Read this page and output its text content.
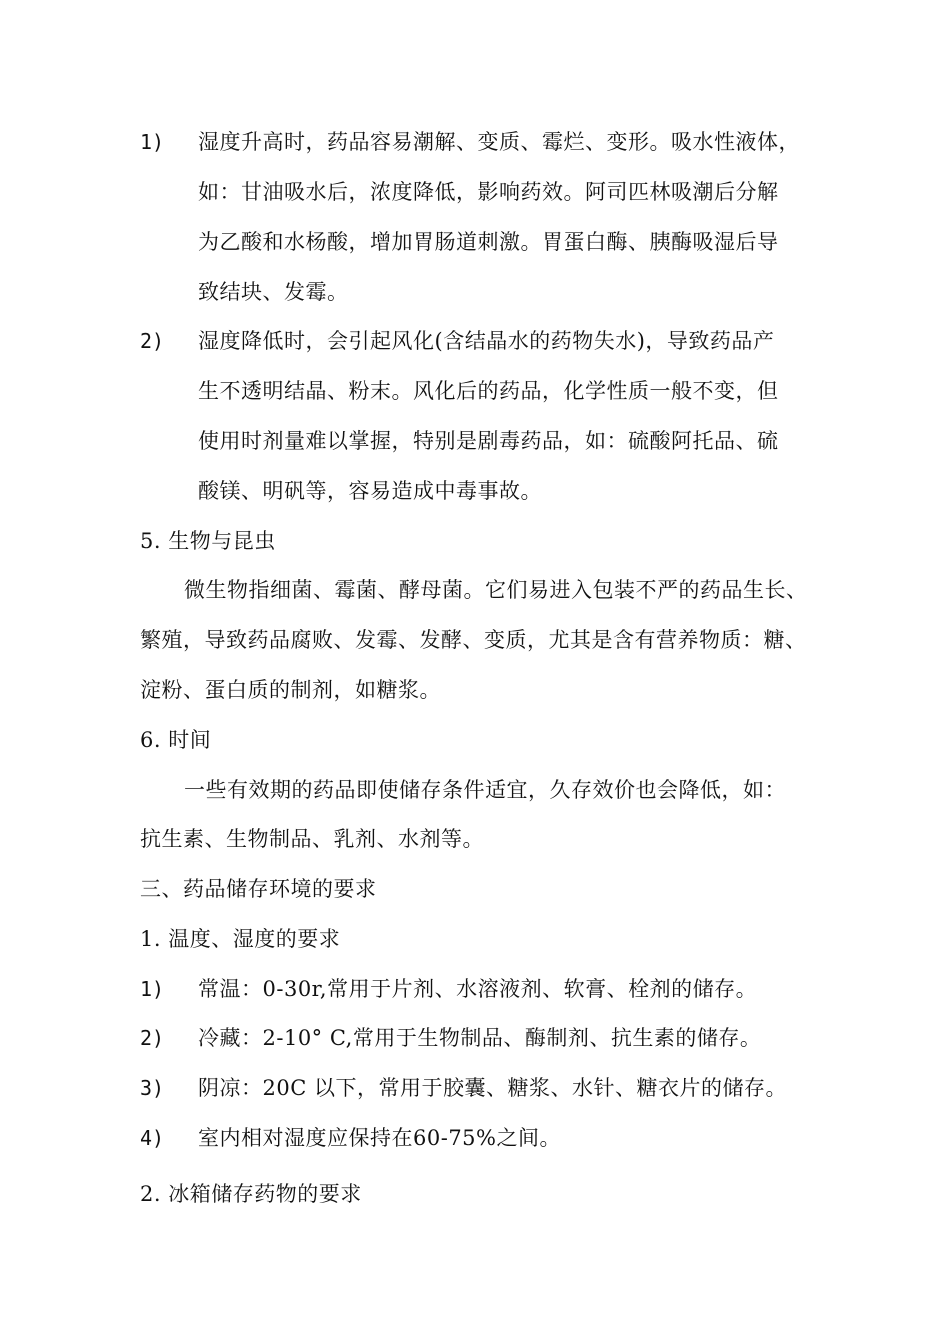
1) 湿度升高时，药品容易潮解、变质、霉烂、变形。吸水性液体，
如：甘油吸水后，浓度降低，影响药效。阿司匹林吸潮后分解
为乙酸和水杨酸，增加胃肠道刺激。胃蛋白酶、胰酶吸湿后导
致结块、发霉。
2) 湿度降低时，会引起风化(含结晶水的药物失水)，导致药品产
生不透明结晶、粉末。风化后的药品，化学性质一般不变，但
使用时剂量难以掌握，特别是剧毒药品，如：硫酸阿托品、硫
酸镁、明矾等，容易造成中毒事故。
5. 生物与昆虫
微生物指细菌、霉菌、酵母菌。它们易进入包装不严的药品生长、
繁殖，导致药品腐败、发霉、发酵、变质，尤其是含有营养物质：糖、
淀粉、蛋白质的制剂，如糖浆。
6. 时间
一些有效期的药品即使储存条件适宜，久存效价也会降低，如：
抗生素、生物制品、乳剂、水剂等。
三、药品储存环境的要求
1. 温度、湿度的要求
1) 常温：0-30r,常用于片剂、水溶液剂、软膏、栓剂的储存。
2) 冷藏：2-10° C,常用于生物制品、酶制剂、抗生素的储存。
3) 阴凉：20C 以下，常用于胶囊、糖浆、水针、糖衣片的储存。
4) 室内相对湿度应保持在60-75%之间。
2. 冰箱储存药物的要求
